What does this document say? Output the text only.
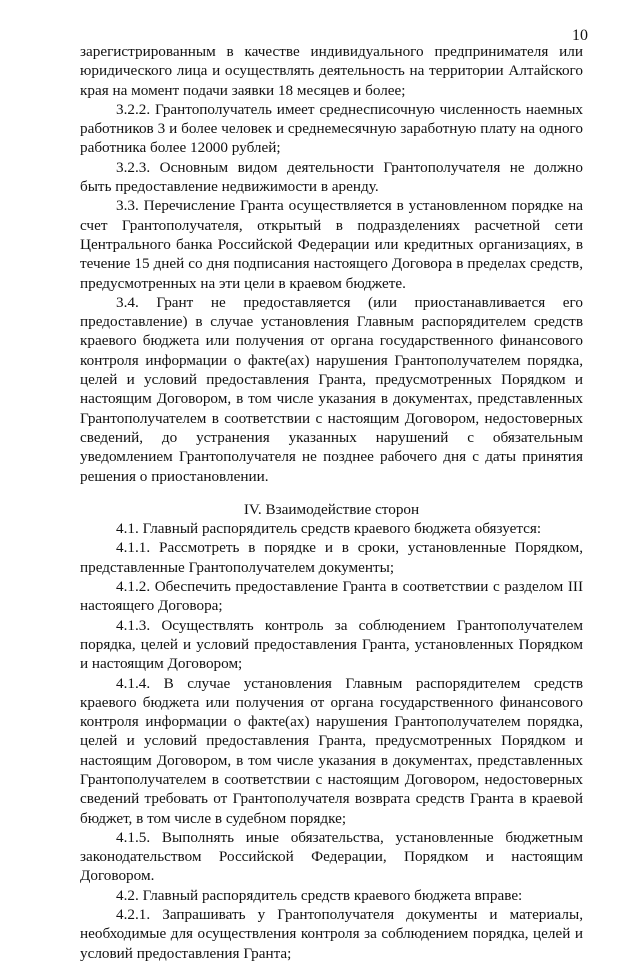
10

зарегистрированным в качестве индивидуального предпринимателя или юридического лица и осуществлять деятельность на территории Алтайского края на момент подачи заявки 18 месяцев и более;

3.2.2. Грантополучатель имеет среднесписочную численность наемных работников 3 и более человек и среднемесячную заработную плату на одного работника более 12000 рублей;

3.2.3. Основным видом деятельности Грантополучателя не должно быть предоставление недвижимости в аренду.

3.3. Перечисление Гранта осуществляется в установленном порядке на счет Грантополучателя, открытый в подразделениях расчетной сети Центрального банка Российской Федерации или кредитных организациях, в течение 15 дней со дня подписания настоящего Договора в пределах средств, предусмотренных на эти цели в краевом бюджете.

3.4. Грант не предоставляется (или приостанавливается его предоставление) в случае установления Главным распорядителем средств краевого бюджета или получения от органа государственного финансового контроля информации о факте(ах) нарушения Грантополучателем порядка, целей и условий предоставления Гранта, предусмотренных Порядком и настоящим Договором, в том числе указания в документах, представленных Грантополучателем в соответствии с настоящим Договором, недостоверных сведений, до устранения указанных нарушений с обязательным уведомлением Грантополучателя не позднее рабочего дня с даты принятия решения о приостановлении.

IV. Взаимодействие сторон

4.1. Главный распорядитель средств краевого бюджета обязуется:

4.1.1. Рассмотреть в порядке и в сроки, установленные Порядком, представленные Грантополучателем документы;

4.1.2. Обеспечить предоставление Гранта в соответствии с разделом III настоящего Договора;

4.1.3. Осуществлять контроль за соблюдением Грантополучателем порядка, целей и условий предоставления Гранта, установленных Порядком и настоящим Договором;

4.1.4. В случае установления Главным распорядителем средств краевого бюджета или получения от органа государственного финансового контроля информации о факте(ах) нарушения Грантополучателем порядка, целей и условий предоставления Гранта, предусмотренных Порядком и настоящим Договором, в том числе указания в документах, представленных Грантополучателем в соответствии с настоящим Договором, недостоверных сведений требовать от Грантополучателя возврата средств Гранта в краевой бюджет, в том числе в судебном порядке;

4.1.5. Выполнять иные обязательства, установленные бюджетным законодательством Российской Федерации, Порядком и настоящим Договором.

4.2. Главный распорядитель средств краевого бюджета вправе:

4.2.1. Запрашивать у Грантополучателя документы и материалы, необходимые для осуществления контроля за соблюдением порядка, целей и условий предоставления Гранта;
